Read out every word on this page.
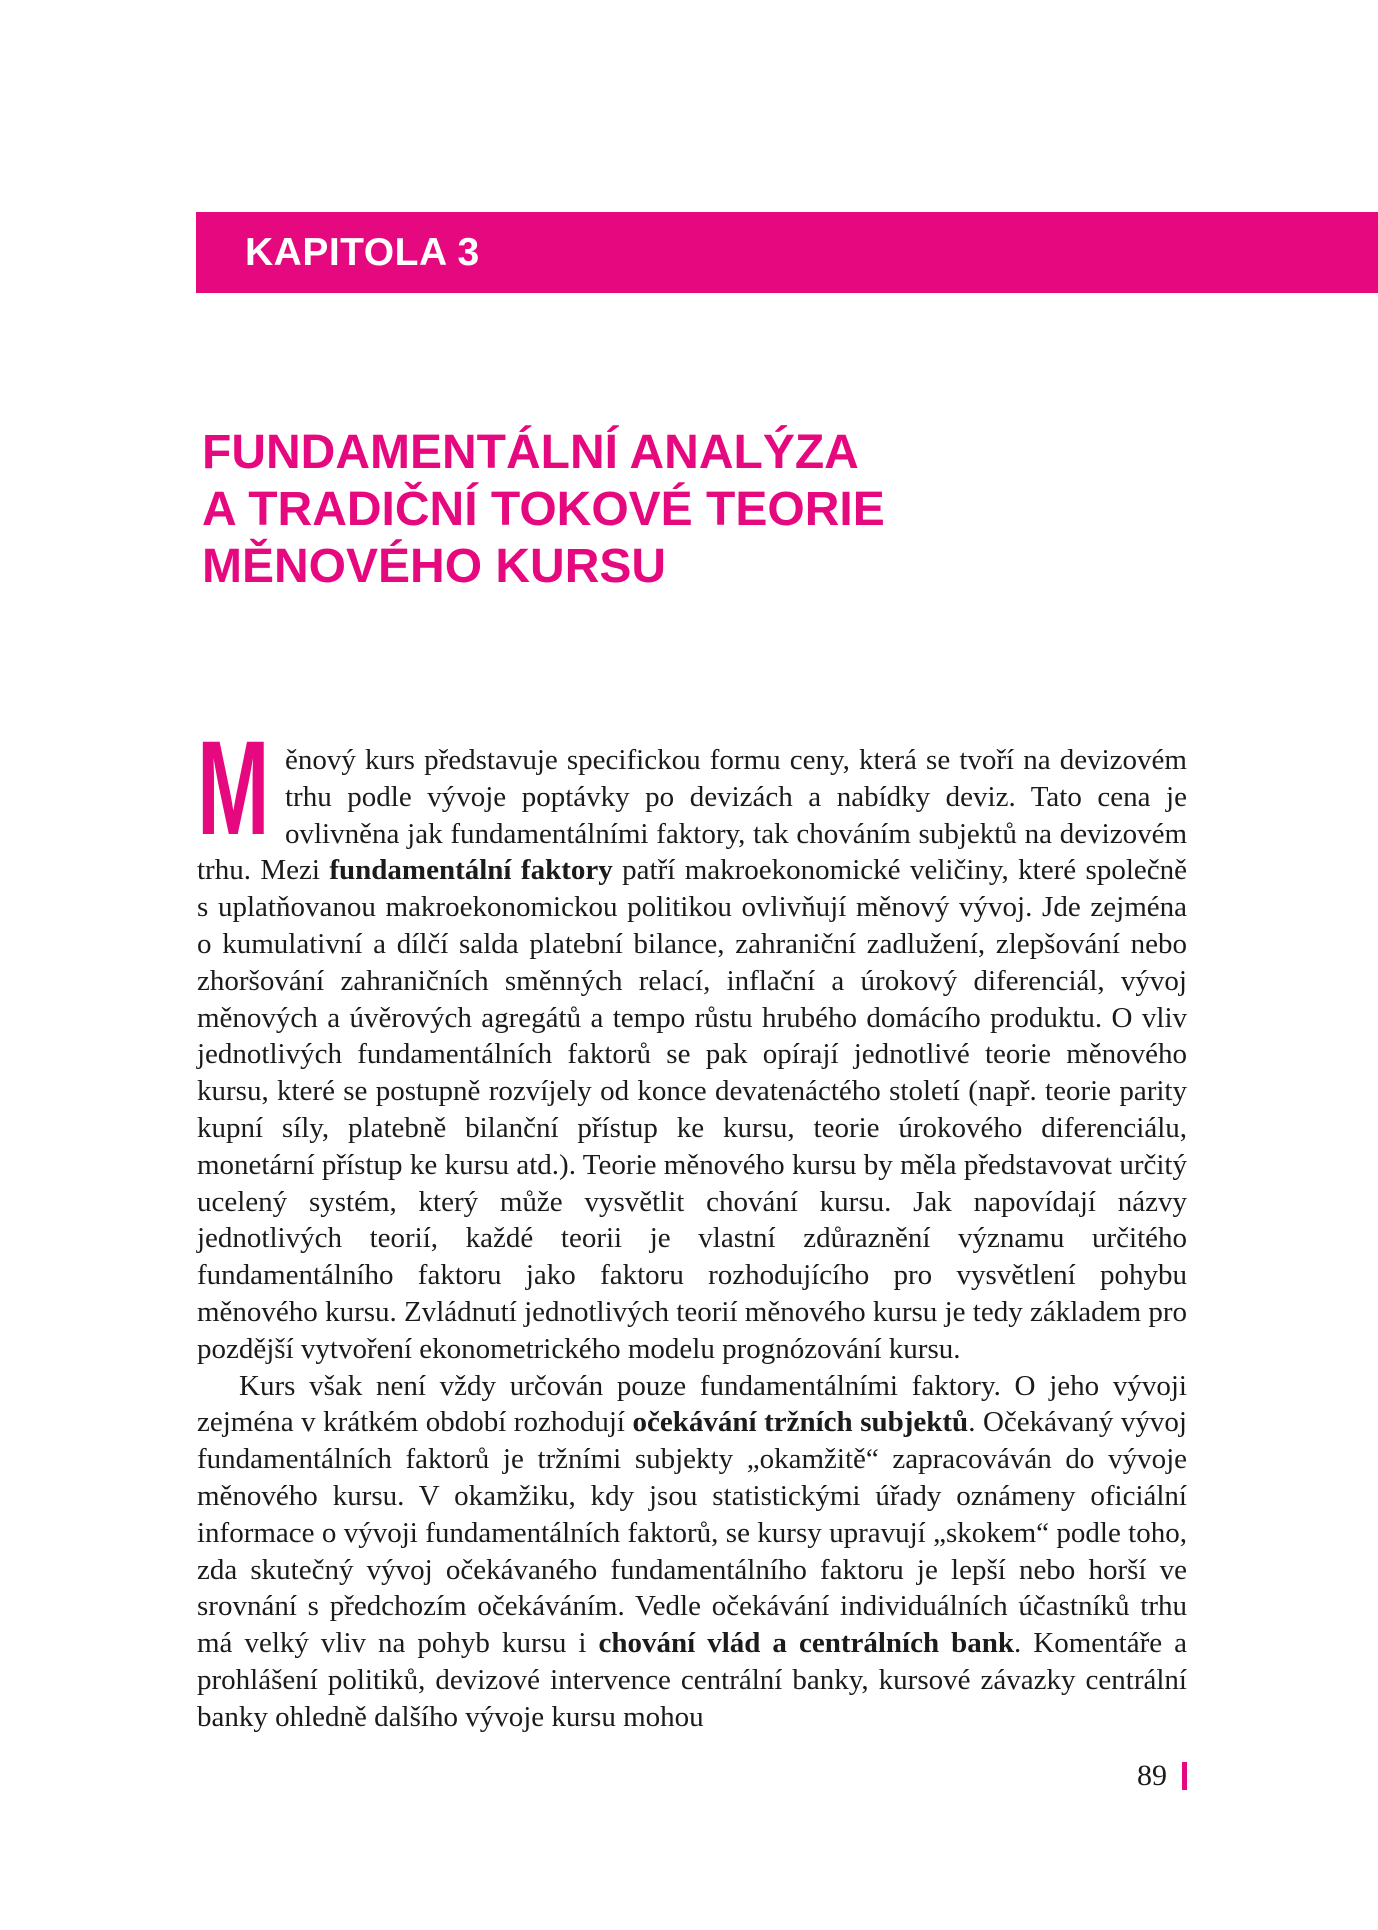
KAPITOLA 3
FUNDAMENTÁLNÍ ANALÝZA
A TRADIČNÍ TOKOVÉ TEORIE
MĚNOVÉHO KURSU

M ěnový kurs představuje specifickou formu ceny, která se tvoří na devizovém trhu podle vývoje poptávky po devizách a nabídky deviz. Tato cena je ovlivněna jak fundamentálními faktory, tak chováním subjektů na devizovém trhu. Mezi fundamentální faktory patří makroekonomické veličiny, které společně s uplatňovanou makroekonomickou politikou ovlivňují měnový vývoj. Jde zejména o kumulativní a dílčí salda platební bilance, zahraniční zadlužení, zlepšování nebo zhoršování zahraničních směnných relací, inflační a úrokový diferenciál, vývoj měnových a úvěrových agregátů a tempo růstu hrubého domácího produktu. O vliv jednotlivých fundamentálních faktorů se pak opírají jednotlivé teorie měnového kursu, které se postupně rozvíjely od konce devatenáctého století (např. teorie parity kupní síly, platebně bilanční přístup ke kursu, teorie úrokového diferenciálu, monetární přístup ke kursu atd.). Teorie měnového kursu by měla představovat určitý ucelený systém, který může vysvětlit chování kursu. Jak napovídají názvy jednotlivých teorií, každé teorii je vlastní zdůraznění významu určitého fundamentálního faktoru jako faktoru rozhodujícího pro vysvětlení pohybu měnového kursu. Zvládnutí jednotlivých teorií měnového kursu je tedy základem pro pozdější vytvoření ekonometrického modelu prognózování kursu.

Kurs však není vždy určován pouze fundamentálními faktory. O jeho vývoji zejména v krátkém období rozhodují očekávání tržních subjektů. Očekávaný vývoj fundamentálních faktorů je tržními subjekty „okamžitě“ zapracováván do vývoje měnového kursu. V okamžiku, kdy jsou statistickými úřady oznámeny oficiální informace o vývoji fundamentálních faktorů, se kursy upravují „skokem“ podle toho, zda skutečný vývoj očekávaného fundamentálního faktoru je lepší nebo horší ve srovnání s předchozím očekáváním. Vedle očekávání individuálních účastníků trhu má velký vliv na pohyb kursu i chování vlád a centrálních bank. Komentáře a prohlášení politiků, devizové intervence centrální banky, kursové závazky centrální banky ohledně dalšího vývoje kursu mohou

89
